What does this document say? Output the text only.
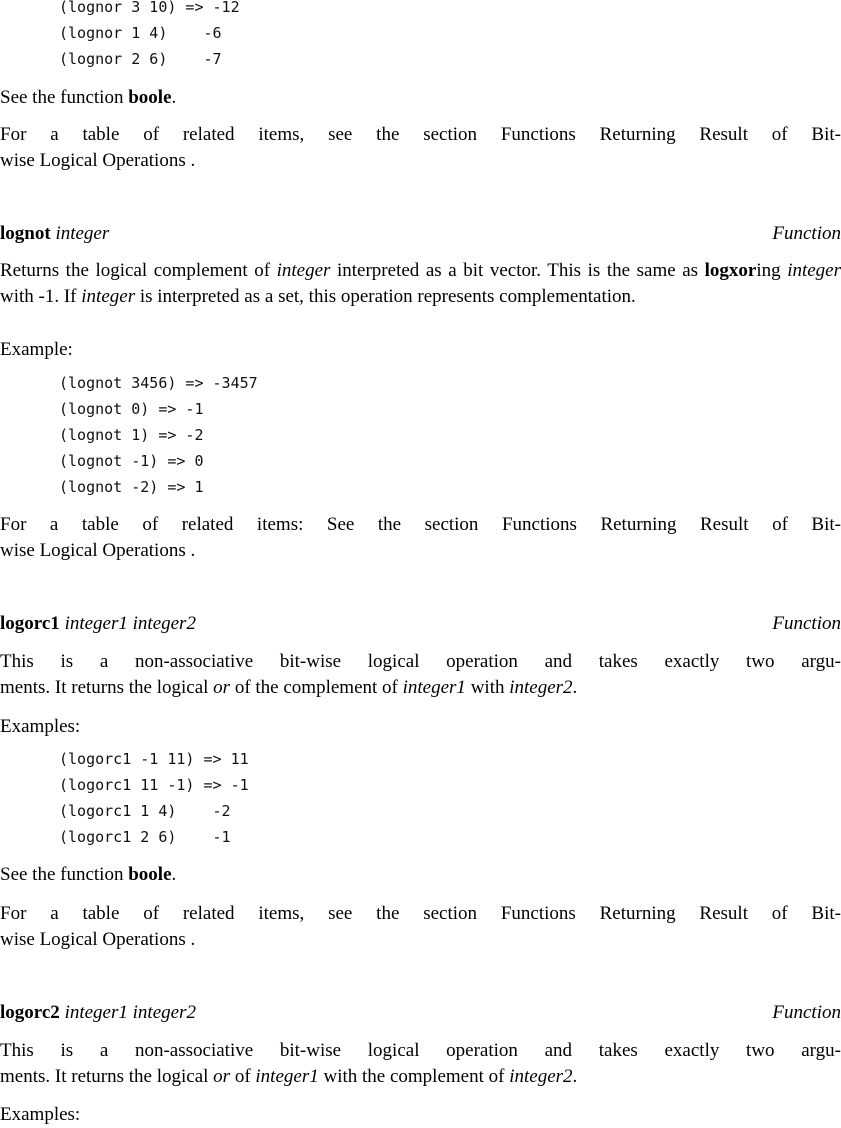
(lognor 3 10) => -12
(lognor 1 4)    -6
(lognor 2 6)    -7
See the function boole.
For a table of related items, see the section Functions Returning Result of Bit-
wise Logical Operations .
lognot integer	Function
Returns the logical complement of integer interpreted as a bit vector. This is the same as logxoring integer with -1. If integer is interpreted as a set, this operation represents complementation.
Example:
(lognot 3456) => -3457
(lognot 0) => -1
(lognot 1) => -2
(lognot -1) => 0
(lognot -2) => 1
For a table of related items: See the section Functions Returning Result of Bit-
wise Logical Operations .
logorc1 integer1 integer2	Function
This is a non-associative bit-wise logical operation and takes exactly two argu-
ments. It returns the logical or of the complement of integer1 with integer2.
Examples:
(logorc1 -1 11) => 11
(logorc1 11 -1) => -1
(logorc1 1 4)    -2
(logorc1 2 6)    -1
See the function boole.
For a table of related items, see the section Functions Returning Result of Bit-
wise Logical Operations .
logorc2 integer1 integer2	Function
This is a non-associative bit-wise logical operation and takes exactly two argu-
ments. It returns the logical or of integer1 with the complement of integer2.
Examples:
